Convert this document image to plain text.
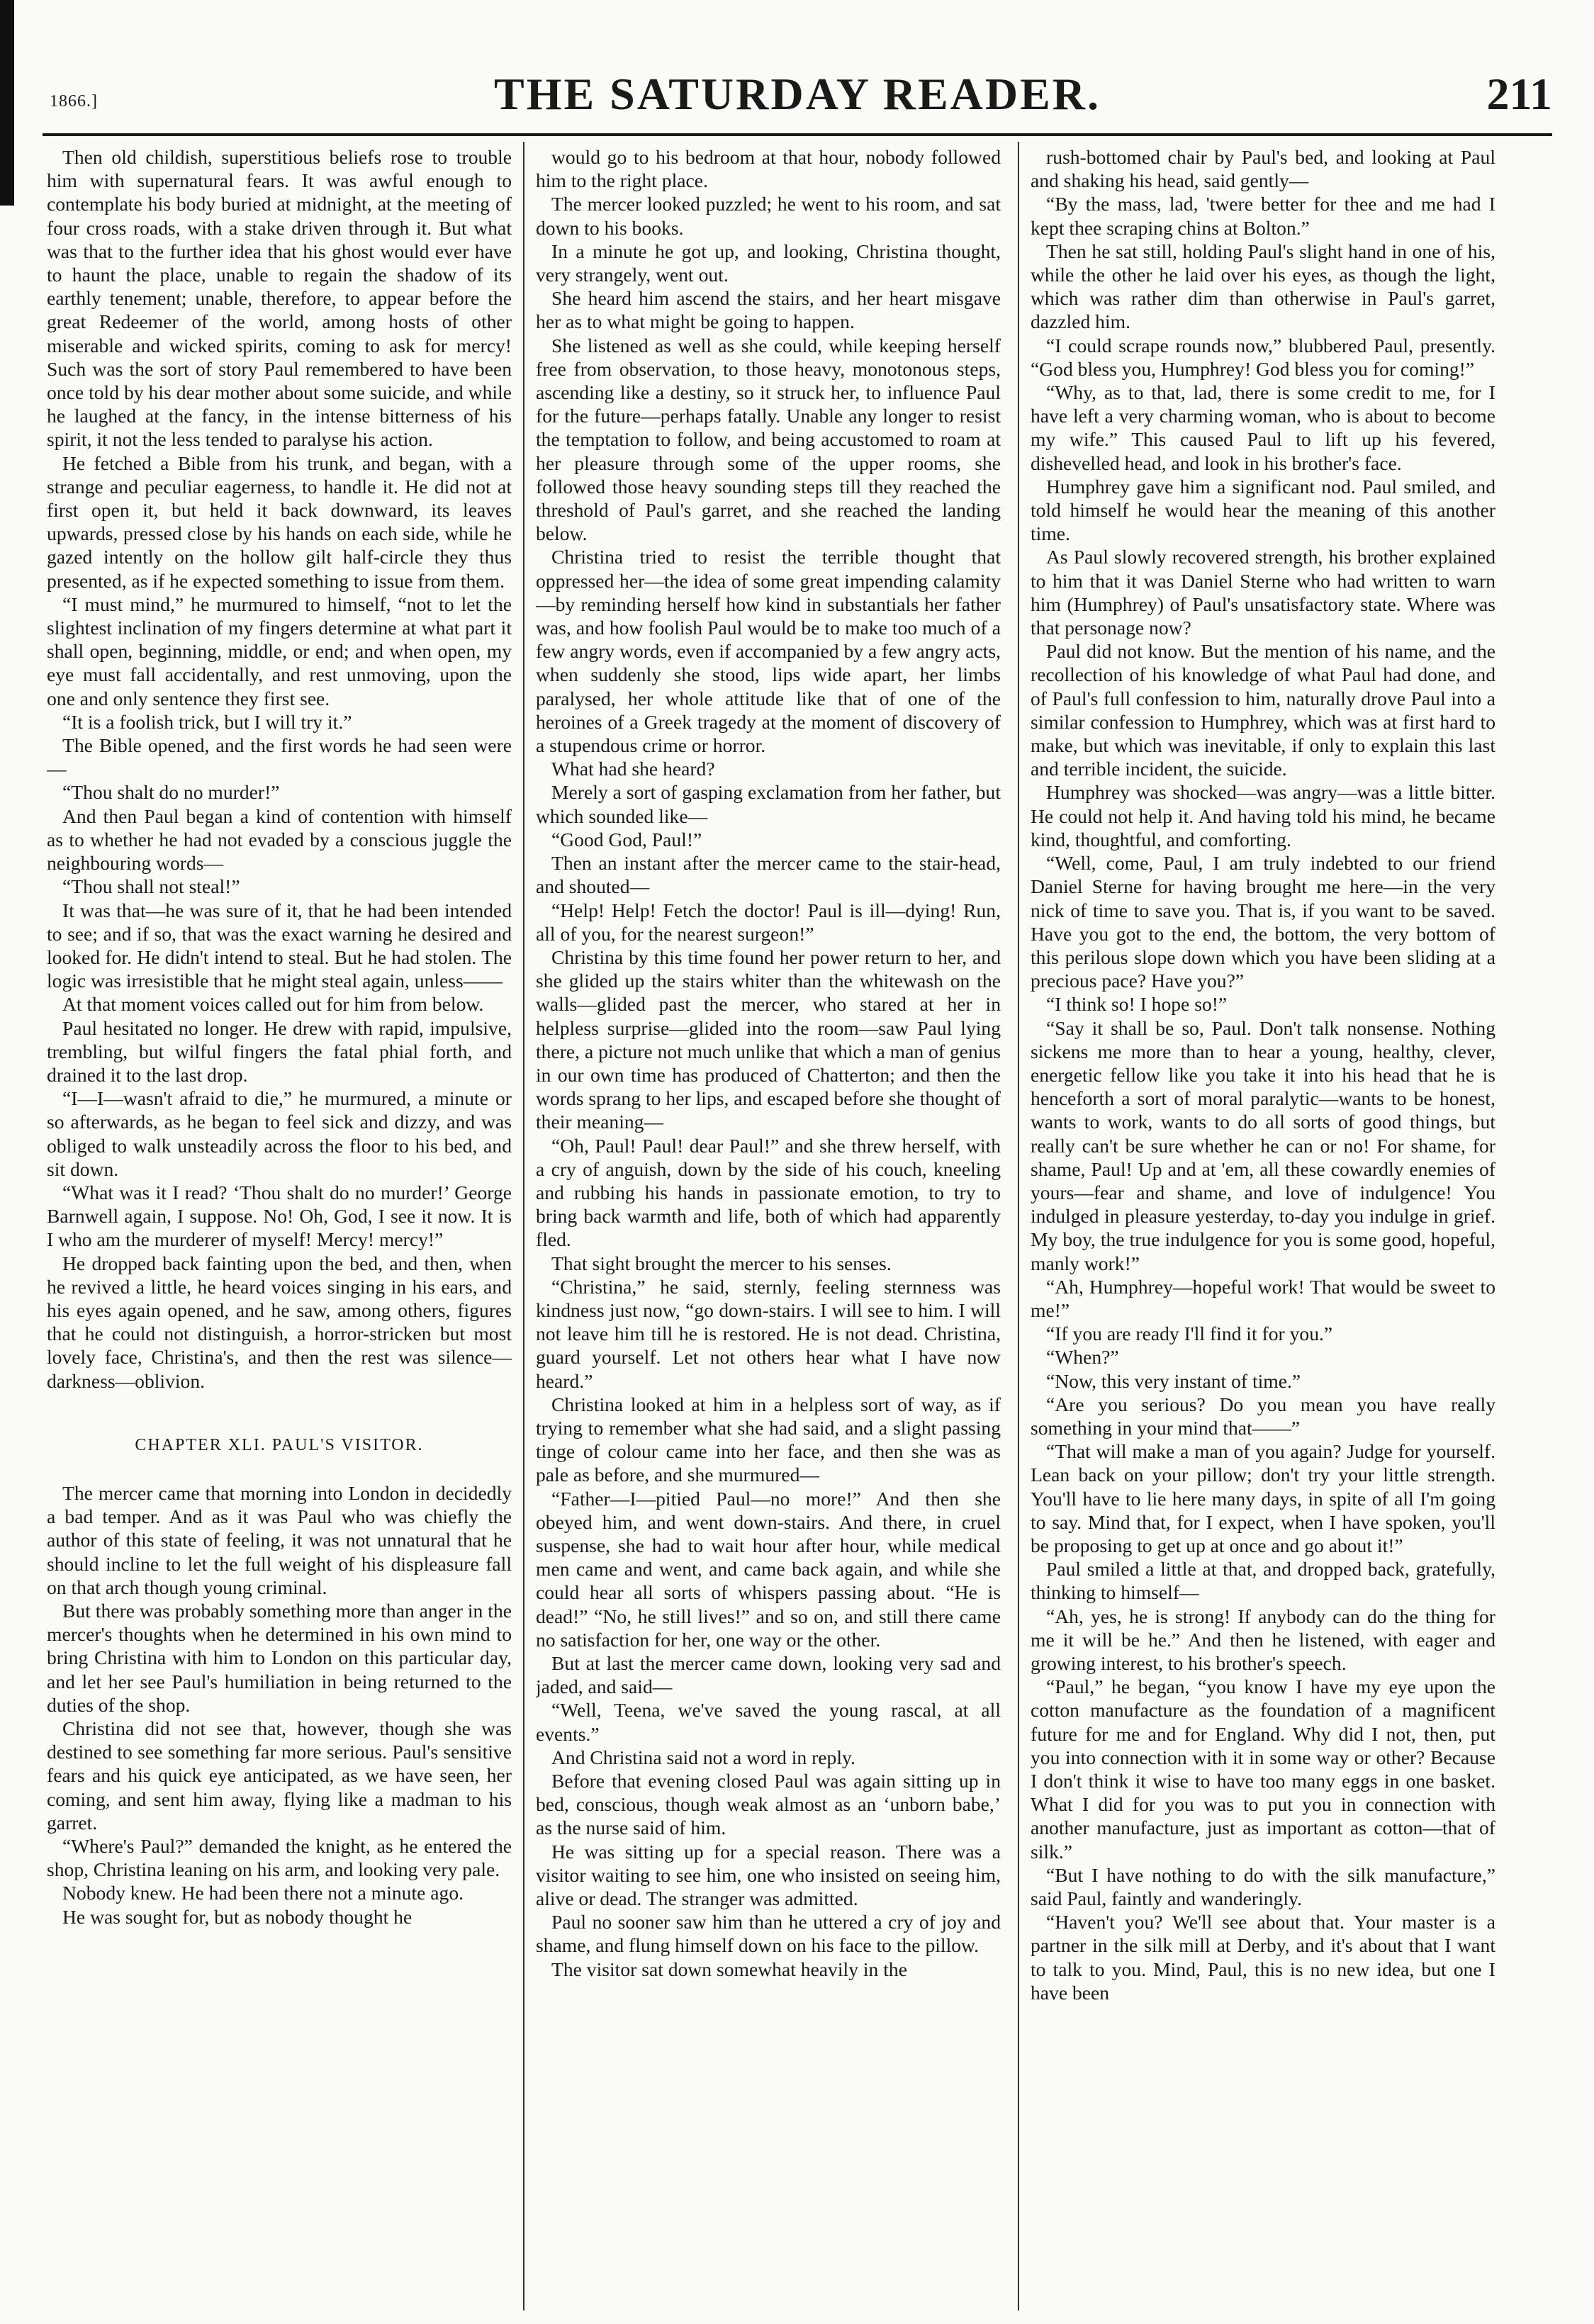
1866.]	THE SATURDAY READER.	211

Then old childish, superstitious beliefs rose to trouble him with supernatural fears. It was awful enough to contemplate his body buried at midnight, at the meeting of four cross roads, with a stake driven through it. But what was that to the further idea that his ghost would ever have to haunt the place, unable to regain the shadow of its earthly tenement; unable, therefore, to appear before the great Redeemer of the world, among hosts of other miserable and wicked spirits, coming to ask for mercy! Such was the sort of story Paul remembered to have been once told by his dear mother about some suicide, and while he laughed at the fancy, in the intense bitterness of his spirit, it not the less tended to paralyse his action.

He fetched a Bible from his trunk, and began, with a strange and peculiar eagerness, to handle it. He did not at first open it, but held it back downward, its leaves upwards, pressed close by his hands on each side, while he gazed intently on the hollow gilt half-circle they thus presented, as if he expected something to issue from them.

“I must mind,” he murmured to himself, “not to let the slightest inclination of my fingers determine at what part it shall open, beginning, middle, or end; and when open, my eye must fall accidentally, and rest unmoving, upon the one and only sentence they first see.

“It is a foolish trick, but I will try it.”

The Bible opened, and the first words he had seen were—

“Thou shalt do no murder!”

And then Paul began a kind of contention with himself as to whether he had not evaded by a conscious juggle the neighbouring words—

“Thou shall not steal!”

It was that—he was sure of it, that he had been intended to see; and if so, that was the exact warning he desired and looked for. He didn't intend to steal. But he had stolen. The logic was irresistible that he might steal again, unless——

At that moment voices called out for him from below.

Paul hesitated no longer. He drew with rapid, impulsive, trembling, but wilful fingers the fatal phial forth, and drained it to the last drop.

“I—I—wasn't afraid to die,” he murmured, a minute or so afterwards, as he began to feel sick and dizzy, and was obliged to walk unsteadily across the floor to his bed, and sit down.

“What was it I read? ‘Thou shalt do no murder!’ George Barnwell again, I suppose. No! Oh, God, I see it now. It is I who am the murderer of myself! Mercy! mercy!”

He dropped back fainting upon the bed, and then, when he revived a little, he heard voices singing in his ears, and his eyes again opened, and he saw, among others, figures that he could not distinguish, a horror-stricken but most lovely face, Christina's, and then the rest was silence—darkness—oblivion.

CHAPTER XLI. PAUL'S VISITOR.

The mercer came that morning into London in decidedly a bad temper. And as it was Paul who was chiefly the author of this state of feeling, it was not unnatural that he should incline to let the full weight of his displeasure fall on that arch though young criminal.

But there was probably something more than anger in the mercer's thoughts when he determined in his own mind to bring Christina with him to London on this particular day, and let her see Paul's humiliation in being returned to the duties of the shop.

Christina did not see that, however, though she was destined to see something far more serious. Paul's sensitive fears and his quick eye anticipated, as we have seen, her coming, and sent him away, flying like a madman to his garret.

“Where's Paul?” demanded the knight, as he entered the shop, Christina leaning on his arm, and looking very pale.

Nobody knew. He had been there not a minute ago.

He was sought for, but as nobody thought he

would go to his bedroom at that hour, nobody followed him to the right place.

The mercer looked puzzled; he went to his room, and sat down to his books.

In a minute he got up, and looking, Christina thought, very strangely, went out.

She heard him ascend the stairs, and her heart misgave her as to what might be going to happen.

She listened as well as she could, while keeping herself free from observation, to those heavy, monotonous steps, ascending like a destiny, so it struck her, to influence Paul for the future—perhaps fatally. Unable any longer to resist the temptation to follow, and being accustomed to roam at her pleasure through some of the upper rooms, she followed those heavy sounding steps till they reached the threshold of Paul's garret, and she reached the landing below.

Christina tried to resist the terrible thought that oppressed her—the idea of some great impending calamity—by reminding herself how kind in substantials her father was, and how foolish Paul would be to make too much of a few angry words, even if accompanied by a few angry acts, when suddenly she stood, lips wide apart, her limbs paralysed, her whole attitude like that of one of the heroines of a Greek tragedy at the moment of discovery of a stupendous crime or horror.

What had she heard?

Merely a sort of gasping exclamation from her father, but which sounded like—

“Good God, Paul!”

Then an instant after the mercer came to the stair-head, and shouted—

“Help! Help! Fetch the doctor! Paul is ill—dying! Run, all of you, for the nearest surgeon!”

Christina by this time found her power return to her, and she glided up the stairs whiter than the whitewash on the walls—glided past the mercer, who stared at her in helpless surprise—glided into the room—saw Paul lying there, a picture not much unlike that which a man of genius in our own time has produced of Chatterton; and then the words sprang to her lips, and escaped before she thought of their meaning—

“Oh, Paul! Paul! dear Paul!” and she threw herself, with a cry of anguish, down by the side of his couch, kneeling and rubbing his hands in passionate emotion, to try to bring back warmth and life, both of which had apparently fled.

That sight brought the mercer to his senses.

“Christina,” he said, sternly, feeling sternness was kindness just now, “go down-stairs. I will see to him. I will not leave him till he is restored. He is not dead. Christina, guard yourself. Let not others hear what I have now heard.”

Christina looked at him in a helpless sort of way, as if trying to remember what she had said, and a slight passing tinge of colour came into her face, and then she was as pale as before, and she murmured—

“Father—I—pitied Paul—no more!” And then she obeyed him, and went down-stairs. And there, in cruel suspense, she had to wait hour after hour, while medical men came and went, and came back again, and while she could hear all sorts of whispers passing about. “He is dead!” “No, he still lives!” and so on, and still there came no satisfaction for her, one way or the other.

But at last the mercer came down, looking very sad and jaded, and said—

“Well, Teena, we've saved the young rascal, at all events.”

And Christina said not a word in reply.

Before that evening closed Paul was again sitting up in bed, conscious, though weak almost as an ‘unborn babe,’ as the nurse said of him.

He was sitting up for a special reason. There was a visitor waiting to see him, one who insisted on seeing him, alive or dead. The stranger was admitted.

Paul no sooner saw him than he uttered a cry of joy and shame, and flung himself down on his face to the pillow.

The visitor sat down somewhat heavily in the

rush-bottomed chair by Paul's bed, and looking at Paul and shaking his head, said gently—

“By the mass, lad, 'twere better for thee and me had I kept thee scraping chins at Bolton.”

Then he sat still, holding Paul's slight hand in one of his, while the other he laid over his eyes, as though the light, which was rather dim than otherwise in Paul's garret, dazzled him.

“I could scrape rounds now,” blubbered Paul, presently. “God bless you, Humphrey! God bless you for coming!”

“Why, as to that, lad, there is some credit to me, for I have left a very charming woman, who is about to become my wife.” This caused Paul to lift up his fevered, dishevelled head, and look in his brother's face.

Humphrey gave him a significant nod. Paul smiled, and told himself he would hear the meaning of this another time.

As Paul slowly recovered strength, his brother explained to him that it was Daniel Sterne who had written to warn him (Humphrey) of Paul's unsatisfactory state. Where was that personage now?

Paul did not know. But the mention of his name, and the recollection of his knowledge of what Paul had done, and of Paul's full confession to him, naturally drove Paul into a similar confession to Humphrey, which was at first hard to make, but which was inevitable, if only to explain this last and terrible incident, the suicide.

Humphrey was shocked—was angry—was a little bitter. He could not help it. And having told his mind, he became kind, thoughtful, and comforting.

“Well, come, Paul, I am truly indebted to our friend Daniel Sterne for having brought me here—in the very nick of time to save you. That is, if you want to be saved. Have you got to the end, the bottom, the very bottom of this perilous slope down which you have been sliding at a precious pace? Have you?”

“I think so! I hope so!”

“Say it shall be so, Paul. Don't talk nonsense. Nothing sickens me more than to hear a young, healthy, clever, energetic fellow like you take it into his head that he is henceforth a sort of moral paralytic—wants to be honest, wants to work, wants to do all sorts of good things, but really can't be sure whether he can or no! For shame, for shame, Paul! Up and at 'em, all these cowardly enemies of yours—fear and shame, and love of indulgence! You indulged in pleasure yesterday, to-day you indulge in grief. My boy, the true indulgence for you is some good, hopeful, manly work!”

“Ah, Humphrey—hopeful work! That would be sweet to me!”

“If you are ready I'll find it for you.”

“When?”

“Now, this very instant of time.”

“Are you serious? Do you mean you have really something in your mind that——”

“That will make a man of you again? Judge for yourself. Lean back on your pillow; don't try your little strength. You'll have to lie here many days, in spite of all I'm going to say. Mind that, for I expect, when I have spoken, you'll be proposing to get up at once and go about it!”

Paul smiled a little at that, and dropped back, gratefully, thinking to himself—

“Ah, yes, he is strong! If anybody can do the thing for me it will be he.” And then he listened, with eager and growing interest, to his brother's speech.

“Paul,” he began, “you know I have my eye upon the cotton manufacture as the foundation of a magnificent future for me and for England. Why did I not, then, put you into connection with it in some way or other? Because I don't think it wise to have too many eggs in one basket. What I did for you was to put you in connection with another manufacture, just as important as cotton—that of silk.”

“But I have nothing to do with the silk manufacture,” said Paul, faintly and wanderingly.

“Haven't you? We'll see about that. Your master is a partner in the silk mill at Derby, and it's about that I want to talk to you. Mind, Paul, this is no new idea, but one I have been
